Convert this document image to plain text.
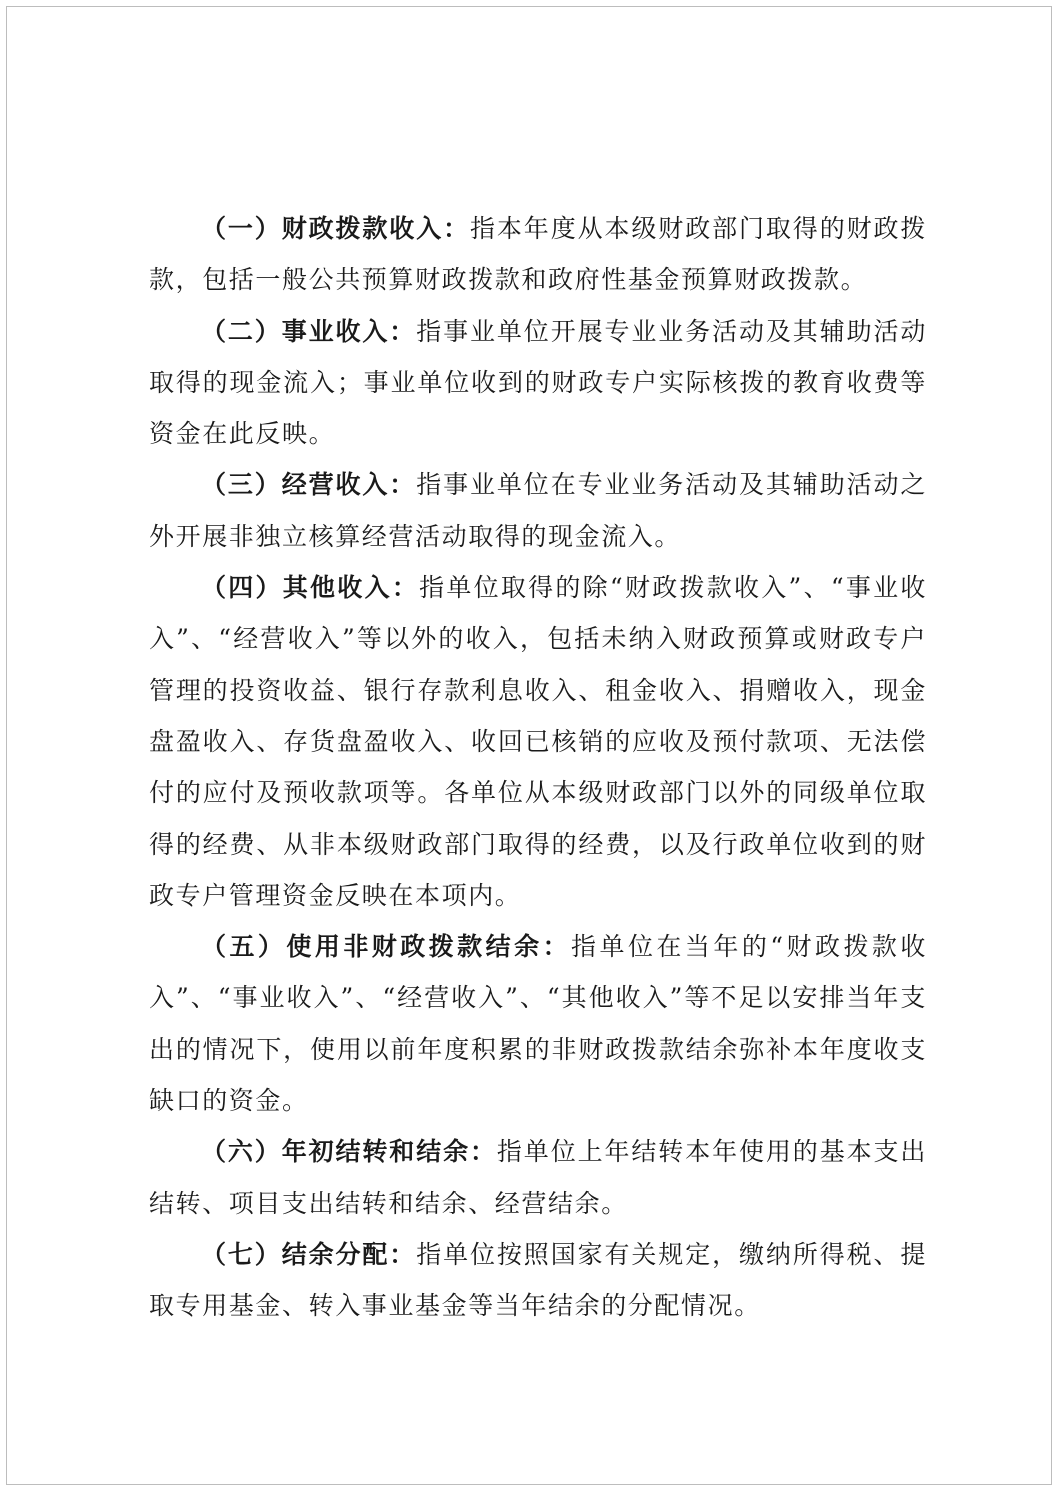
（一）财政拨款收入：指本年度从本级财政部门取得的财政拨款，包括一般公共预算财政拨款和政府性基金预算财政拨款。

（二）事业收入：指事业单位开展专业业务活动及其辅助活动取得的现金流入；事业单位收到的财政专户实际核拨的教育收费等资金在此反映。

（三）经营收入：指事业单位在专业业务活动及其辅助活动之外开展非独立核算经营活动取得的现金流入。

（四）其他收入：指单位取得的除“财政拨款收入”、“事业收入”、“经营收入”等以外的收入，包括未纳入财政预算或财政专户管理的投资收益、银行存款利息收入、租金收入、捐赠收入，现金盘盈收入、存货盘盈收入、收回已核销的应收及预付款项、无法偿付的应付及预收款项等。各单位从本级财政部门以外的同级单位取得的经费、从非本级财政部门取得的经费，以及行政单位收到的财政专户管理资金反映在本项内。

（五）使用非财政拨款结余：指单位在当年的“财政拨款收入”、“事业收入”、“经营收入”、“其他收入”等不足以安排当年支出的情况下，使用以前年度积累的非财政拨款结余弥补本年度收支缺口的资金。

（六）年初结转和结余：指单位上年结转本年使用的基本支出结转、项目支出结转和结余、经营结余。

（七）结余分配：指单位按照国家有关规定，缴纳所得税、提取专用基金、转入事业基金等当年结余的分配情况。
